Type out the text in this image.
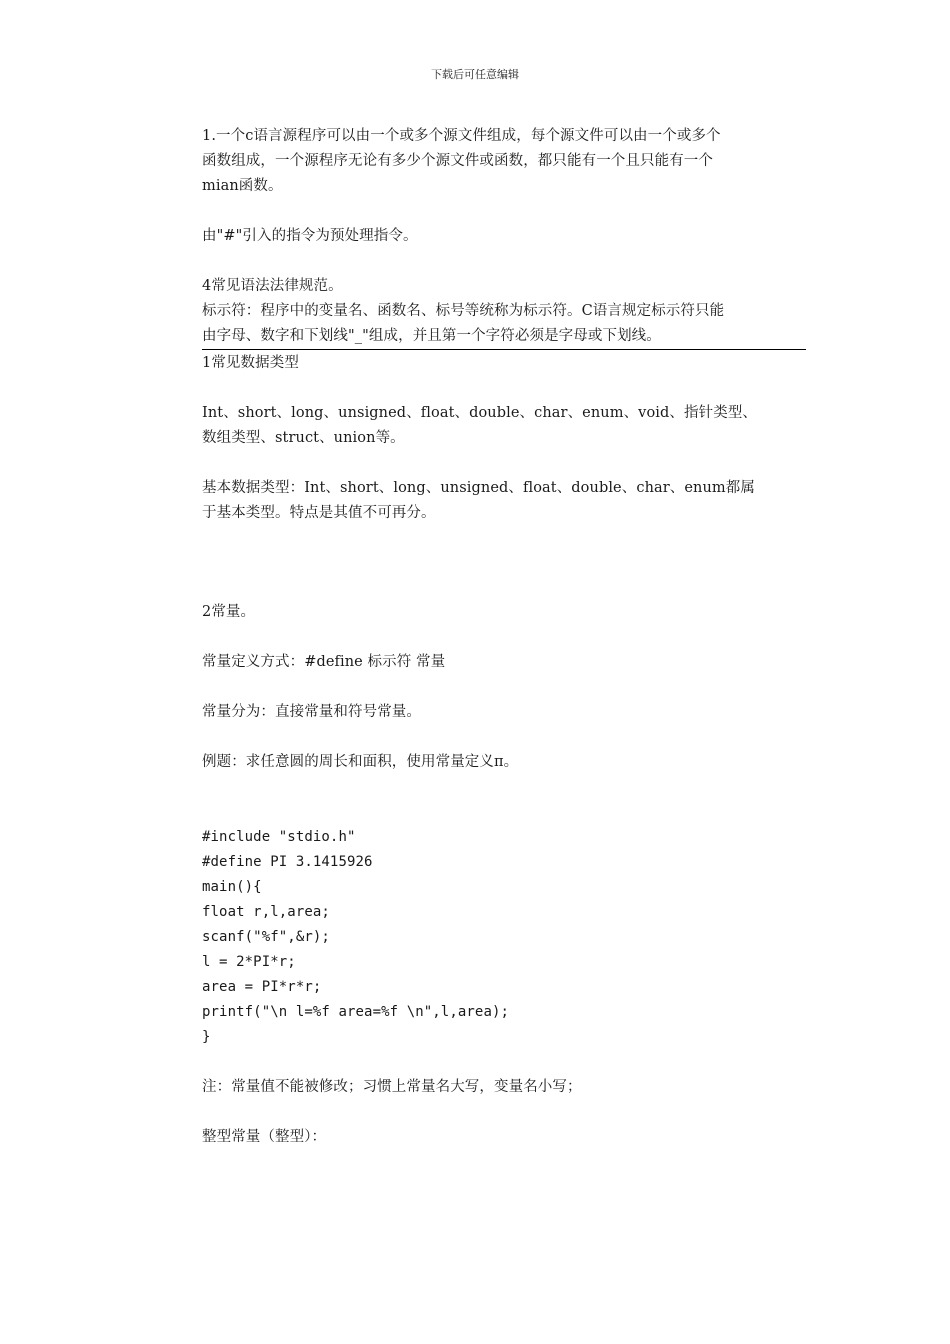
下载后可任意编辑
1.一个c语言源程序可以由一个或多个源文件组成，每个源文件可以由一个或多个
函数组成，一个源程序无论有多少个源文件或函数，都只能有一个且只能有一个
mian函数。
由"#"引入的指令为预处理指令。
4常见语法法律规范。
标示符：程序中的变量名、函数名、标号等统称为标示符。C语言规定标示符只能
由字母、数字和下划线"_"组成，并且第一个字符必须是字母或下划线。
1常见数据类型
Int、short、long、unsigned、float、double、char、enum、void、指针类型、
数组类型、struct、union等。
基本数据类型：Int、short、long、unsigned、float、double、char、enum都属
于基本类型。特点是其值不可再分。
2常量。
常量定义方式：#define 标示符 常量
常量分为：直接常量和符号常量。
例题：求任意圆的周长和面积，使用常量定义π。
#include "stdio.h"
#define PI 3.1415926
main(){
float r,l,area;
scanf("%f",&r);
l = 2*PI*r;
area = PI*r*r;
printf("\n l=%f area=%f \n",l,area);
}
注：常量值不能被修改；习惯上常量名大写，变量名小写；
整型常量（整型）：
